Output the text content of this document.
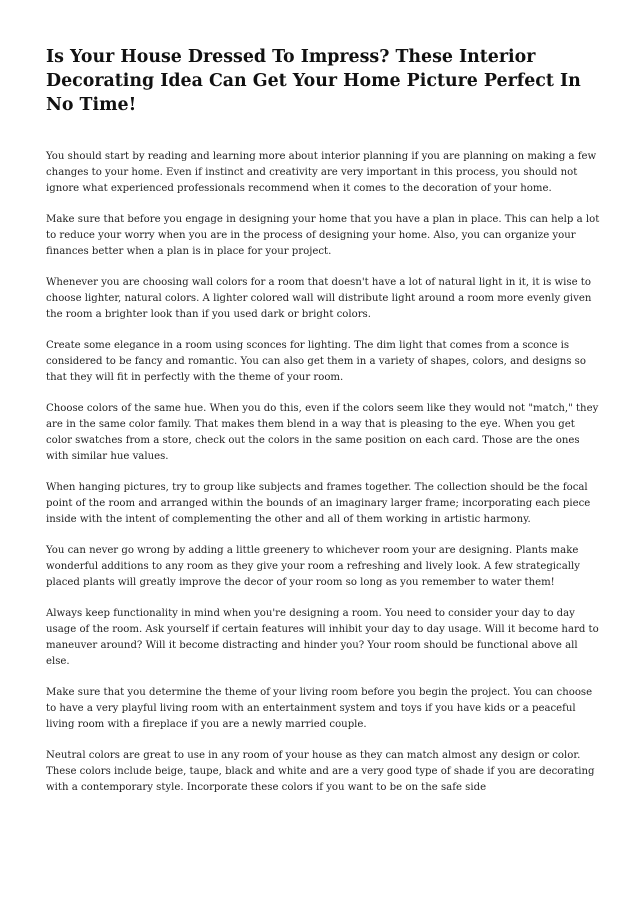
Is Your House Dressed To Impress? These Interior Decorating Idea Can Get Your Home Picture Perfect In No Time!

You should start by reading and learning more about interior planning if you are planning on making a few changes to your home. Even if instinct and creativity are very important in this process, you should not ignore what experienced professionals recommend when it comes to the decoration of your home.

Make sure that before you engage in designing your home that you have a plan in place. This can help a lot to reduce your worry when you are in the process of designing your home. Also, you can organize your finances better when a plan is in place for your project.

Whenever you are choosing wall colors for a room that doesn't have a lot of natural light in it, it is wise to choose lighter, natural colors. A lighter colored wall will distribute light around a room more evenly given the room a brighter look than if you used dark or bright colors.

Create some elegance in a room using sconces for lighting. The dim light that comes from a sconce is considered to be fancy and romantic. You can also get them in a variety of shapes, colors, and designs so that they will fit in perfectly with the theme of your room.

Choose colors of the same hue. When you do this, even if the colors seem like they would not "match," they are in the same color family. That makes them blend in a way that is pleasing to the eye. When you get color swatches from a store, check out the colors in the same position on each card. Those are the ones with similar hue values.

When hanging pictures, try to group like subjects and frames together. The collection should be the focal point of the room and arranged within the bounds of an imaginary larger frame; incorporating each piece inside with the intent of complementing the other and all of them working in artistic harmony.

You can never go wrong by adding a little greenery to whichever room your are designing. Plants make wonderful additions to any room as they give your room a refreshing and lively look. A few strategically placed plants will greatly improve the decor of your room so long as you remember to water them!

Always keep functionality in mind when you're designing a room. You need to consider your day to day usage of the room. Ask yourself if certain features will inhibit your day to day usage. Will it become hard to maneuver around? Will it become distracting and hinder you? Your room should be functional above all else.

Make sure that you determine the theme of your living room before you begin the project. You can choose to have a very playful living room with an entertainment system and toys if you have kids or a peaceful living room with a fireplace if you are a newly married couple.

Neutral colors are great to use in any room of your house as they can match almost any design or color. These colors include beige, taupe, black and white and are a very good type of shade if you are decorating with a contemporary style. Incorporate these colors if you want to be on the safe side
